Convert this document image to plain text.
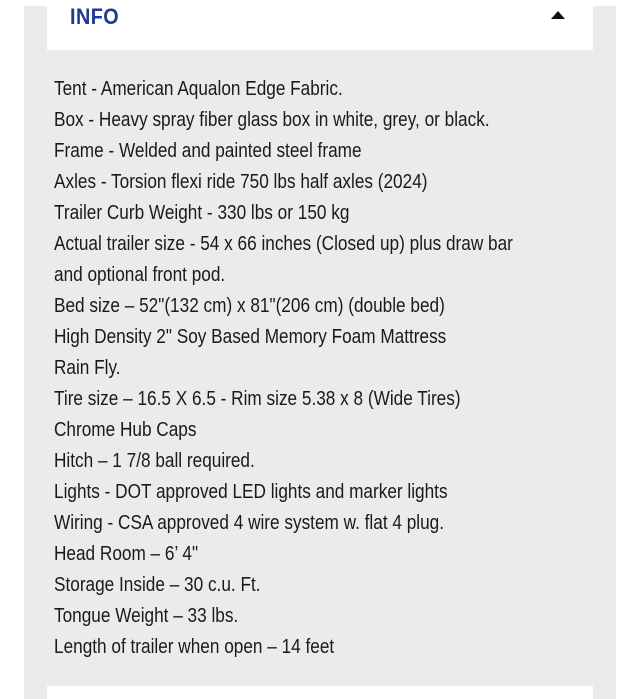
INFO
Tent - American Aqualon Edge Fabric.
Box - Heavy spray fiber glass box in white, grey, or black.
Frame - Welded and painted steel frame
Axles - Torsion flexi ride 750 lbs half axles (2024)
Trailer Curb Weight - 330 lbs or 150 kg
Actual trailer size - 54 x 66 inches (Closed up) plus draw bar
and optional front pod.
Bed size – 52"(132 cm) x 81"(206 cm) (double bed)
High Density 2" Soy Based Memory Foam Mattress
Rain Fly.
Tire size – 16.5 X 6.5 - Rim size 5.38 x 8 (Wide Tires)
Chrome Hub Caps
Hitch – 1 7/8 ball required.
Lights - DOT approved LED lights and marker lights
Wiring - CSA approved 4 wire system w. flat 4 plug.
Head Room – 6’ 4"
Storage Inside – 30 c.u. Ft.
Tongue Weight – 33 lbs.
Length of trailer when open – 14 feet
